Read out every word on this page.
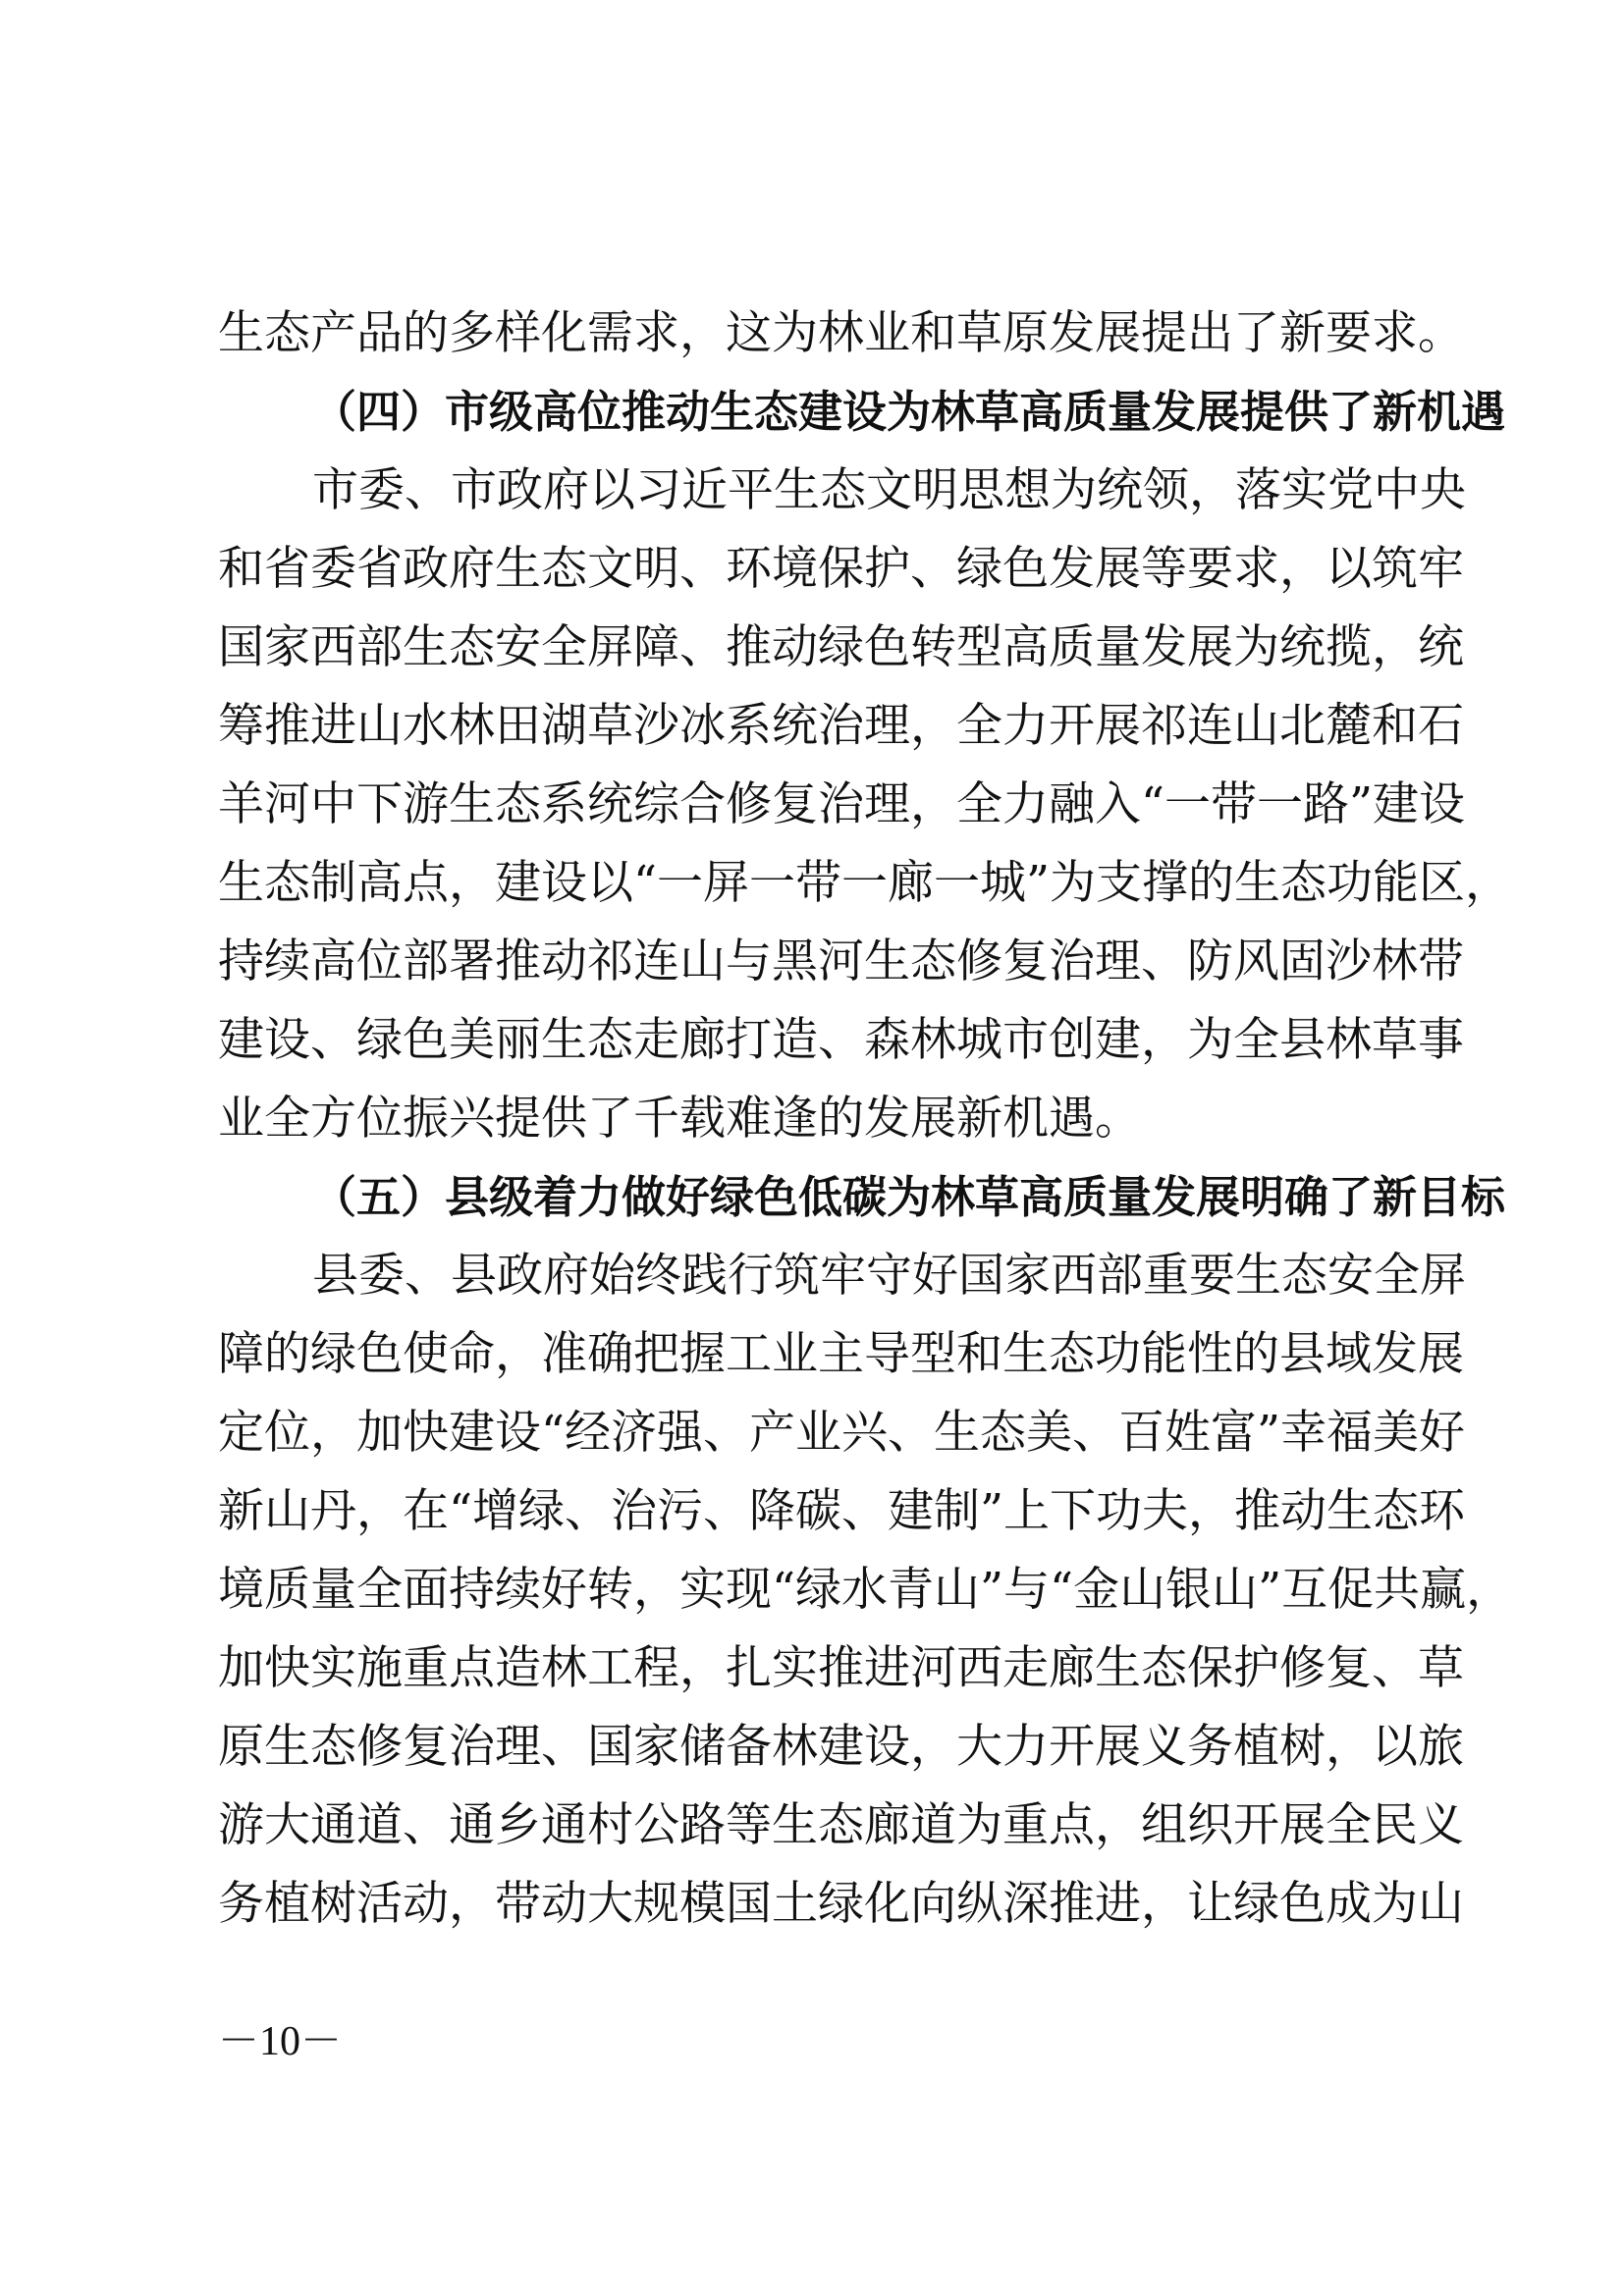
生态产品的多样化需求，这为林业和草原发展提出了新要求。
（四）市级高位推动生态建设为林草高质量发展提供了新机遇
市委、市政府以习近平生态文明思想为统领，落实党中央
和省委省政府生态文明、环境保护、绿色发展等要求，以筑牢
国家西部生态安全屏障、推动绿色转型高质量发展为统揽，统
筹推进山水林田湖草沙冰系统治理，全力开展祁连山北麓和石
羊河中下游生态系统综合修复治理，全力融入“一带一路”建设
生态制高点，建设以“一屏一带一廊一城”为支撑的生态功能区，
持续高位部署推动祁连山与黑河生态修复治理、防风固沙林带
建设、绿色美丽生态走廊打造、森林城市创建，为全县林草事
业全方位振兴提供了千载难逢的发展新机遇。
（五）县级着力做好绿色低碳为林草高质量发展明确了新目标
县委、县政府始终践行筑牢守好国家西部重要生态安全屏
障的绿色使命，准确把握工业主导型和生态功能性的县域发展
定位，加快建设“经济强、产业兴、生态美、百姓富”幸福美好
新山丹，在“增绿、治污、降碳、建制”上下功夫，推动生态环
境质量全面持续好转，实现“绿水青山”与“金山银山”互促共赢，
加快实施重点造林工程，扎实推进河西走廊生态保护修复、草
原生态修复治理、国家储备林建设，大力开展义务植树，以旅
游大通道、通乡通村公路等生态廊道为重点，组织开展全民义
务植树活动，带动大规模国土绿化向纵深推进，让绿色成为山
－10－
